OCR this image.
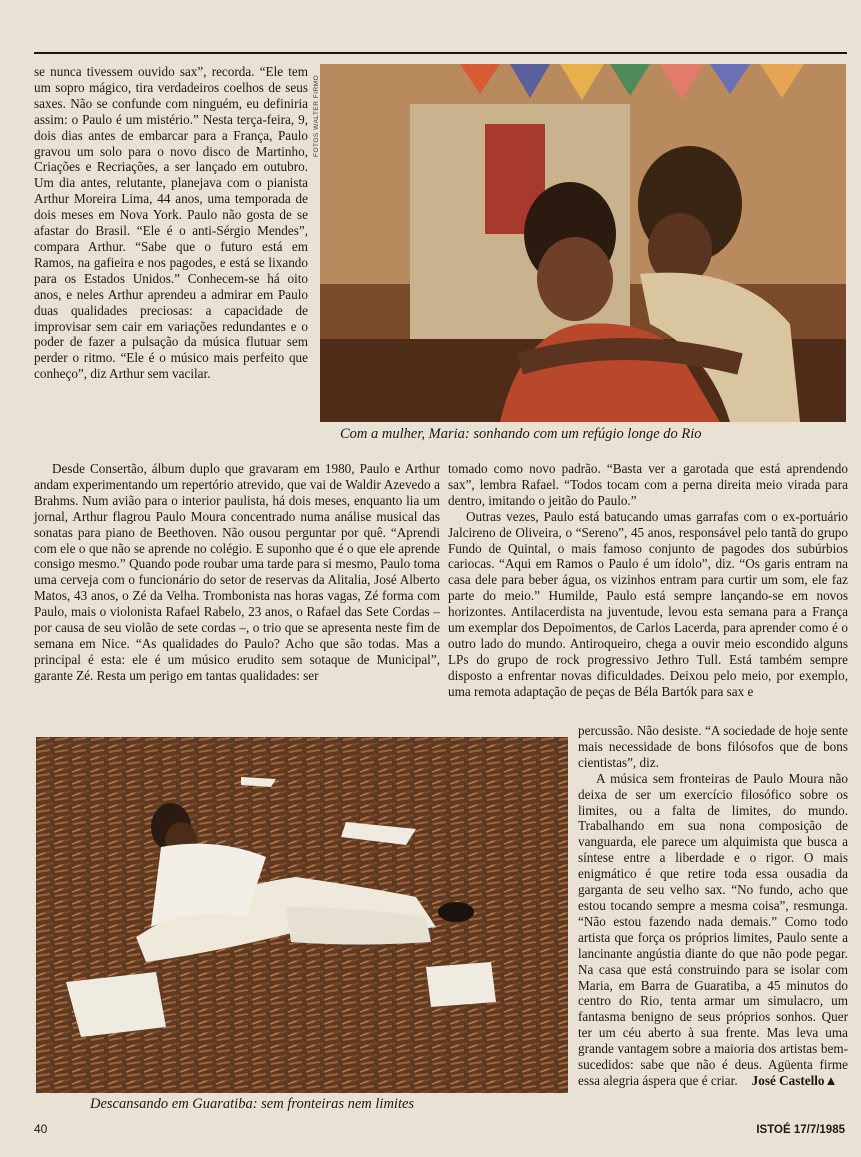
se nunca tivessem ouvido sax”, recorda. “Ele tem um sopro mágico, tira verdadeiros coelhos de seus saxes. Não se confunde com ninguém, eu definiria assim: o Paulo é um mistério.” Nesta terça-feira, 9, dois dias antes de embarcar para a França, Paulo gravou um solo para o novo disco de Martinho, Criações e Recriações, a ser lançado em outubro. Um dia antes, relutante, planejava com o pianista Arthur Moreira Lima, 44 anos, uma temporada de dois meses em Nova York. Paulo não gosta de se afastar do Brasil. “Ele é o anti-Sérgio Mendes”, compara Arthur. “Sabe que o futuro está em Ramos, na gafieira e nos pagodes, e está se lixando para os Estados Unidos.” Conhecem-se há oito anos, e neles Arthur aprendeu a admirar em Paulo duas qualidades preciosas: a capacidade de improvisar sem cair em variações redundantes e o poder de fazer a pulsação da música flutuar sem perder o ritmo. “Ele é o músico mais perfeito que conheço”, diz Arthur sem vacilar.

FOTOS WALTER FIRMO
Com a mulher, Maria: sonhando com um refúgio longe do Rio

Desde Consertão, álbum duplo que gravaram em 1980, Paulo e Arthur andam experimentando um repertório atrevido, que vai de Waldir Azevedo a Brahms. Num avião para o interior paulista, há dois meses, enquanto lia um jornal, Arthur flagrou Paulo Moura concentrado numa análise musical das sonatas para piano de Beethoven. Não ousou perguntar por quê. “Aprendi com ele o que não se aprende no colégio. E suponho que é o que ele aprende consigo mesmo.” Quando pode roubar uma tarde para si mesmo, Paulo toma uma cerveja com o funcionário do setor de reservas da Alitalia, José Alberto Matos, 43 anos, o Zé da Velha. Trombonista nas horas vagas, Zé forma com Paulo, mais o violonista Rafael Rabelo, 23 anos, o Rafael das Sete Cordas – por causa de seu violão de sete cordas –, o trio que se apresenta neste fim de semana em Nice. “As qualidades do Paulo? Acho que são todas. Mas a principal é esta: ele é um músico erudito sem sotaque de Municipal”, garante Zé. Resta um perigo em tantas qualidades: ser

tomado como novo padrão. “Basta ver a garotada que está aprendendo sax”, lembra Rafael. “Todos tocam com a perna direita meio virada para dentro, imitando o jeitão do Paulo.”

Outras vezes, Paulo está batucando umas garrafas com o ex-portuário Jalcireno de Oliveira, o “Sereno”, 45 anos, responsável pelo tantã do grupo Fundo de Quintal, o mais famoso conjunto de pagodes dos subúrbios cariocas. “Aqui em Ramos o Paulo é um ídolo”, diz. “Os garis entram na casa dele para beber água, os vizinhos entram para curtir um som, ele faz parte do meio.” Humilde, Paulo está sempre lançando-se em novos horizontes. Antilacerdista na juventude, levou esta semana para a França um exemplar dos Depoimentos, de Carlos Lacerda, para aprender como é o outro lado do mundo. Antiroqueiro, chega a ouvir meio escondido alguns LPs do grupo de rock progressivo Jethro Tull. Está também sempre disposto a enfrentar novas dificuldades. Deixou pelo meio, por exemplo, uma remota adaptação de peças de Béla Bartók para sax e

Descansando em Guaratiba: sem fronteiras nem limites

percussão. Não desiste. “A sociedade de hoje sente mais necessidade de bons filósofos que de bons cientistas”, diz.

A música sem fronteiras de Paulo Moura não deixa de ser um exercício filosófico sobre os limites, ou a falta de limites, do mundo. Trabalhando em sua nona composição de vanguarda, ele parece um alquimista que busca a síntese entre a liberdade e o rigor. O mais enigmático é que retire toda essa ousadia da garganta de seu velho sax. “No fundo, acho que estou tocando sempre a mesma coisa”, resmunga. “Não estou fazendo nada demais.” Como todo artista que força os próprios limites, Paulo sente a lancinante angústia diante do que não pode pegar. Na casa que está construindo para se isolar com Maria, em Barra de Guaratiba, a 45 minutos do centro do Rio, tenta armar um simulacro, um fantasma benigno de seus próprios sonhos. Quer ter um céu aberto à sua frente. Mas leva uma grande vantagem sobre a maioria dos artistas bem-sucedidos: sabe que não é deus. Agüenta firme essa alegria áspera que é criar. José Castello▲

40	ISTOÉ 17/7/1985
